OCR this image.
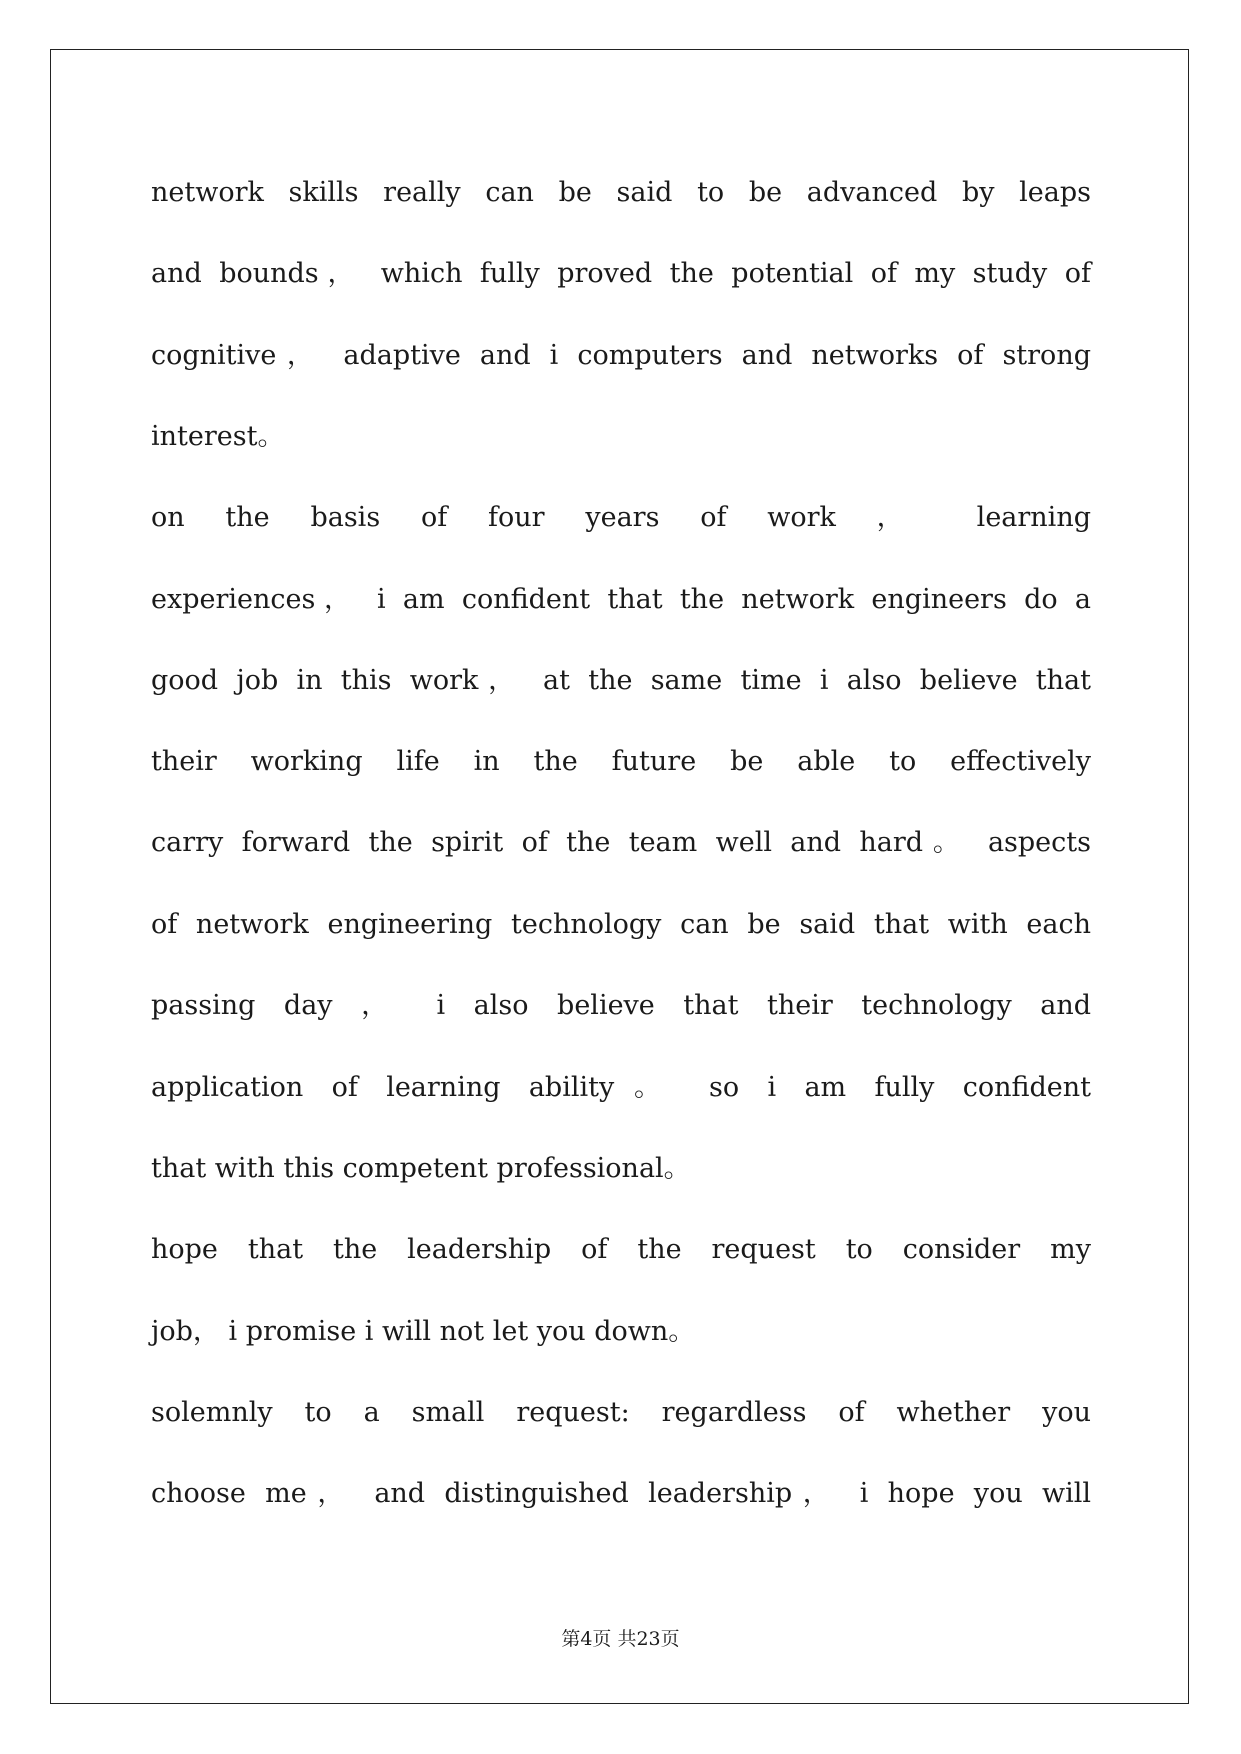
network skills really can be said to be advanced by leaps
and bounds， which fully proved the potential of my study of
cognitive， adaptive and i computers and networks of strong
interest。
on the basis of four years of work ， learning
experiences， i am confident that the network engineers do a
good job in this work， at the same time i also believe that
their working life in the future be able to effectively
carry forward the spirit of the team well and hard。 aspects
of network engineering technology can be said that with each
passing day ， i also believe that their technology and
application of learning ability。 so i am fully confident
that with this competent professional。
hope that the leadership of the request to consider my
job， i promise i will not let you down。
solemnly to a small request: regardless of whether you
choose me， and distinguished leadership， i hope you will
第4页 共23页
